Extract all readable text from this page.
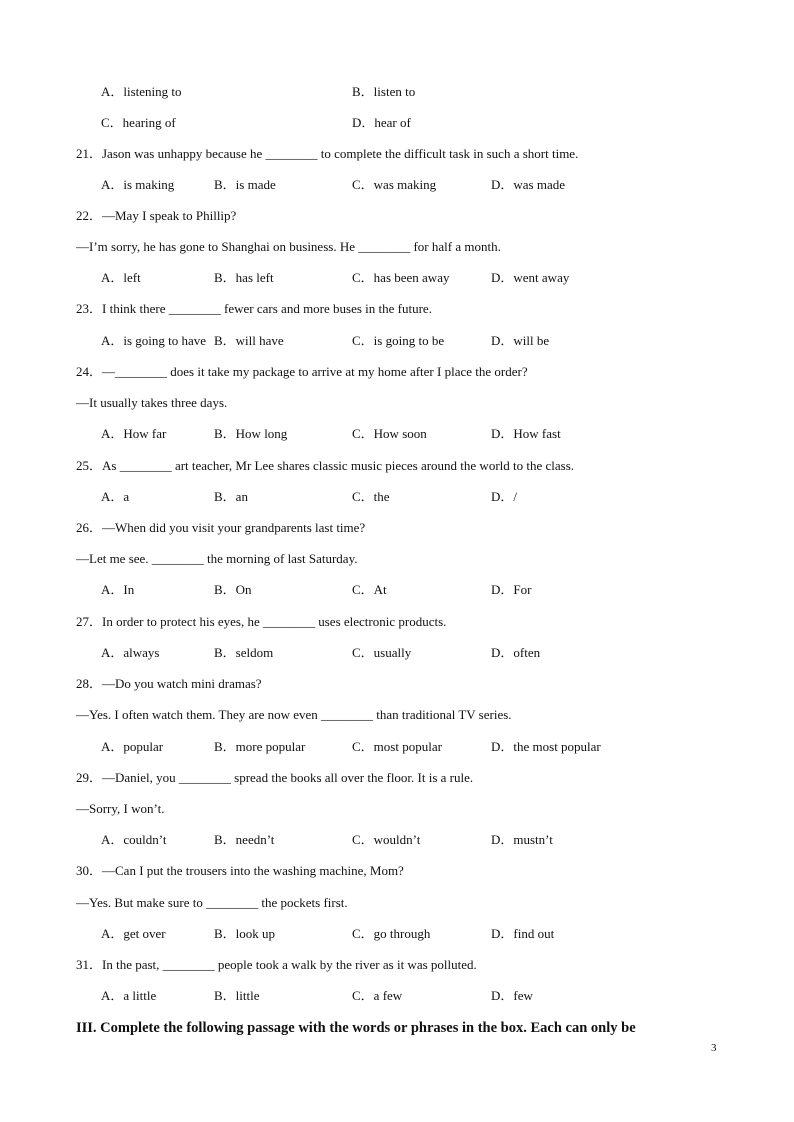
A．listening to	B．listen to
C．hearing of	D．hear of
21．Jason was unhappy because he ________ to complete the difficult task in such a short time.
A．is making	B．is made	C．was making	D．was made
22．—May I speak to Phillip?
—I’m sorry, he has gone to Shanghai on business. He ________ for half a month.
A．left	B．has left	C．has been away	D．went away
23．I think there ________ fewer cars and more buses in the future.
A．is going to have B．will have	C．is going to be	D．will be
24．—________ does it take my package to arrive at my home after I place the order?
—It usually takes three days.
A．How far	B．How long	C．How soon	D．How fast
25．As ________ art teacher, Mr Lee shares classic music pieces around the world to the class.
A．a	B．an	C．the	D．/
26．—When did you visit your grandparents last time?
—Let me see. ________ the morning of last Saturday.
A．In	B．On	C．At	D．For
27．In order to protect his eyes, he ________ uses electronic products.
A．always	B．seldom	C．usually	D．often
28．—Do you watch mini dramas?
—Yes. I often watch them. They are now even ________ than traditional TV series.
A．popular	B．more popular	C．most popular	D．the most popular
29．—Daniel, you ________ spread the books all over the floor. It is a rule.
—Sorry, I won’t.
A．couldn’t	B．needn’t	C．wouldn’t	D．mustn’t
30．—Can I put the trousers into the washing machine, Mom?
—Yes. But make sure to ________ the pockets first.
A．get over	B．look up	C．go through	D．find out
31．In the past, ________ people took a walk by the river as it was polluted.
A．a little	B．little	C．a few	D．few
III. Complete the following passage with the words or phrases in the box. Each can only be
3
